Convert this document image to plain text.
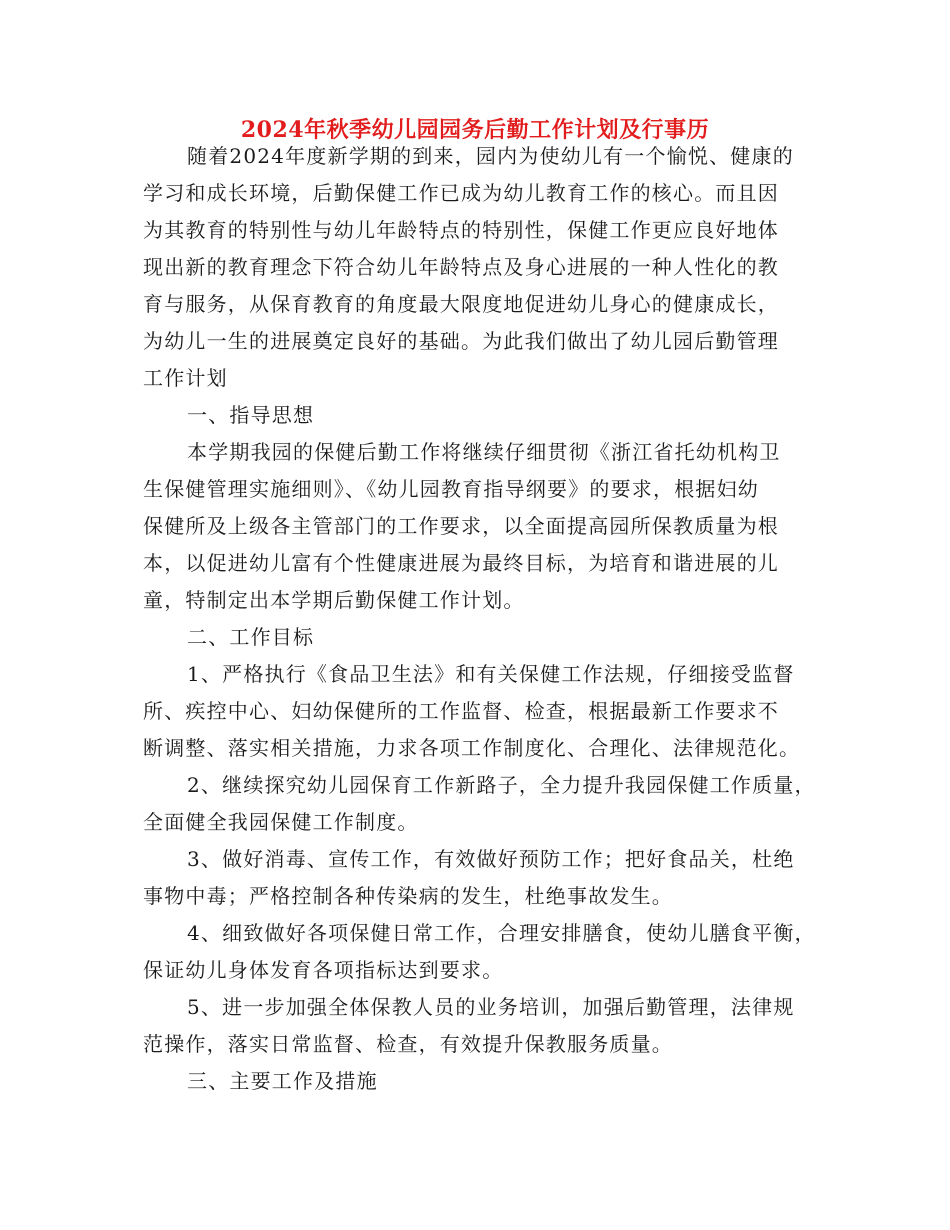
2024年秋季幼儿园园务后勤工作计划及行事历
随着2024年度新学期的到来，园内为使幼儿有一个愉悦、健康的
学习和成长环境，后勤保健工作已成为幼儿教育工作的核心。而且因
为其教育的特别性与幼儿年龄特点的特别性，保健工作更应良好地体
现出新的教育理念下符合幼儿年龄特点及身心进展的一种人性化的教
育与服务，从保育教育的角度最大限度地促进幼儿身心的健康成长，
为幼儿一生的进展奠定良好的基础。为此我们做出了幼儿园后勤管理
工作计划
一、指导思想
本学期我园的保健后勤工作将继续仔细贯彻《浙江省托幼机构卫
生保健管理实施细则》、《幼儿园教育指导纲要》的要求，根据妇幼
保健所及上级各主管部门的工作要求，以全面提高园所保教质量为根
本，以促进幼儿富有个性健康进展为最终目标，为培育和谐进展的儿
童，特制定出本学期后勤保健工作计划。
二、工作目标
1、严格执行《食品卫生法》和有关保健工作法规，仔细接受监督
所、疾控中心、妇幼保健所的工作监督、检查，根据最新工作要求不
断调整、落实相关措施，力求各项工作制度化、合理化、法律规范化。
2、继续探究幼儿园保育工作新路子，全力提升我园保健工作质量，
全面健全我园保健工作制度。
3、做好消毒、宣传工作，有效做好预防工作；把好食品关，杜绝
事物中毒；严格控制各种传染病的发生，杜绝事故发生。
4、细致做好各项保健日常工作，合理安排膳食，使幼儿膳食平衡，
保证幼儿身体发育各项指标达到要求。
5、进一步加强全体保教人员的业务培训，加强后勤管理，法律规
范操作，落实日常监督、检查，有效提升保教服务质量。
三、主要工作及措施
